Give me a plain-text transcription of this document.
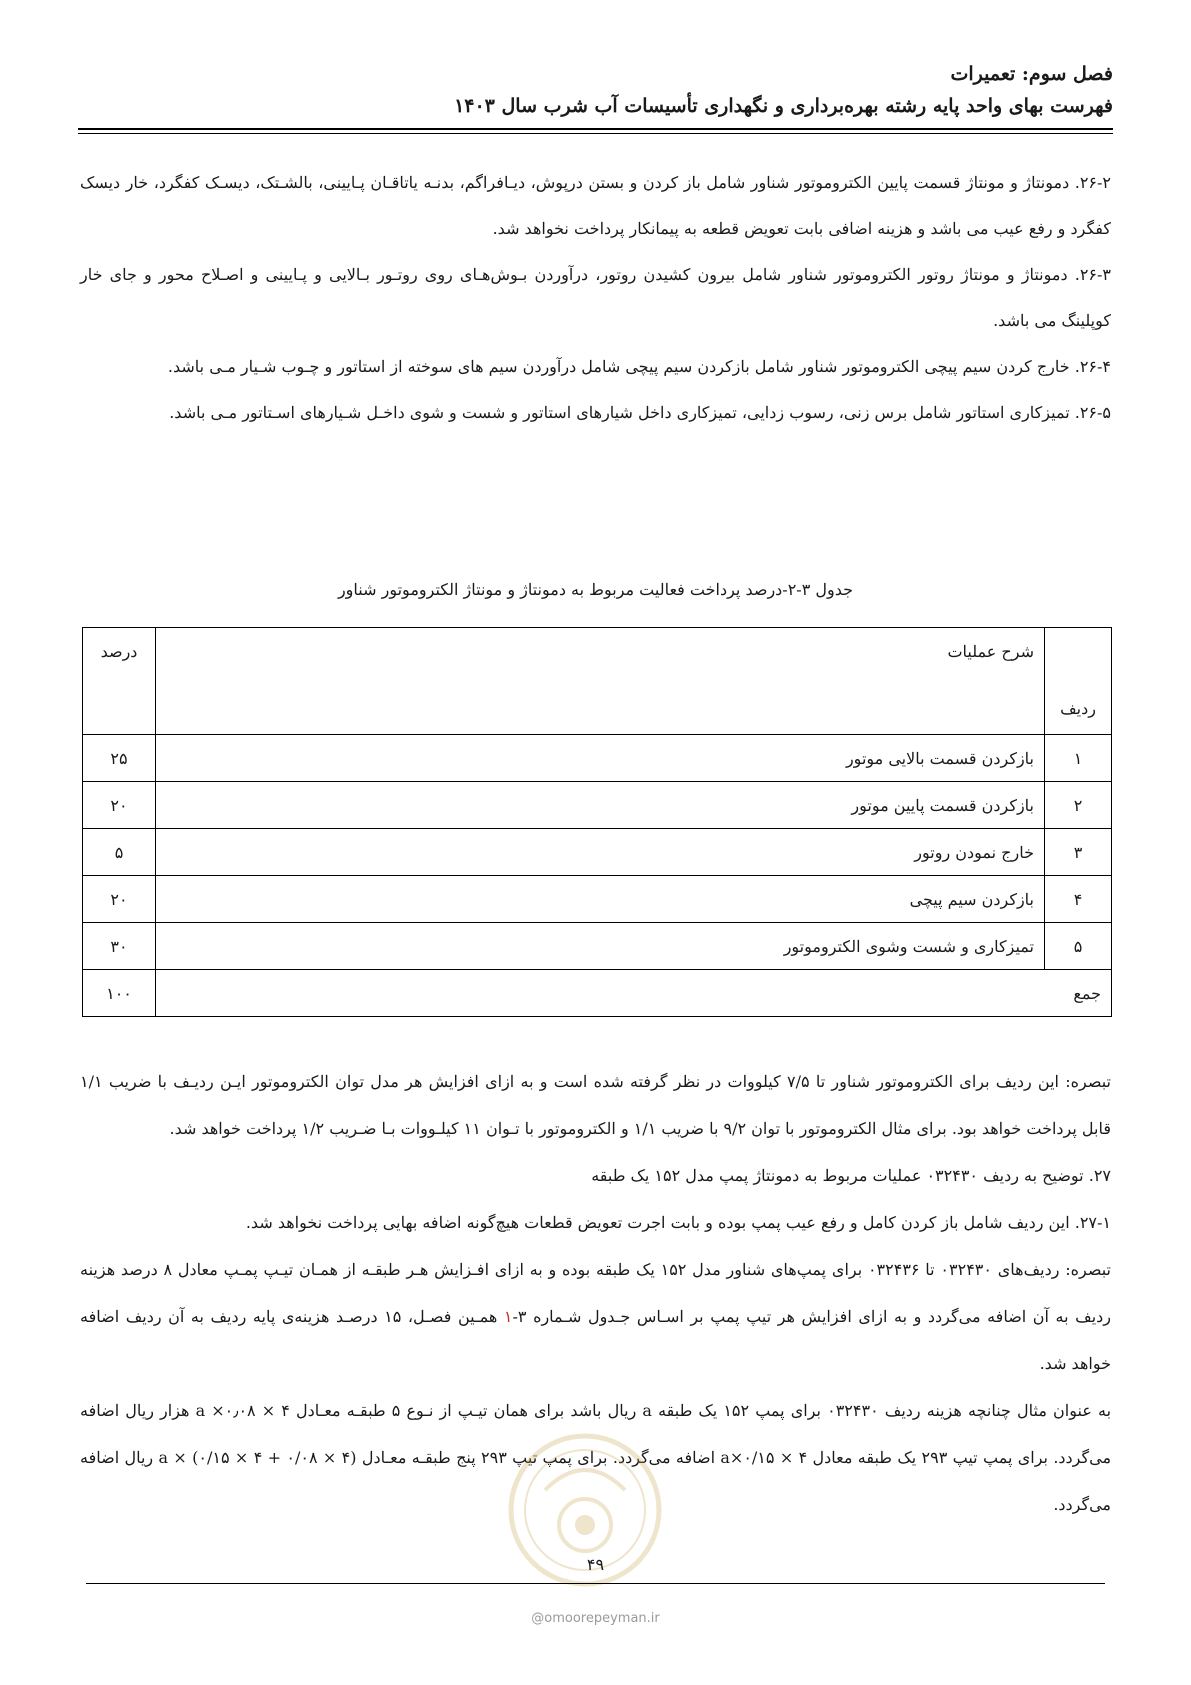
فصل سوم: تعمیرات
فهرست بهای واحد پایه رشته بهره‌برداری و نگهداری تأسیسات آب شرب سال ۱۴۰۳

۲۶-۲. دمونتاژ و مونتاژ قسمت پایین الکتروموتور شناور شامل باز کردن و بستن درپوش، دیـافراگم، بدنـه یاتاقـان پـایینی، بالشـتک، دیسـک کفگرد، خار دیسک کفگرد و رفع عیب می باشد و هزینه اضافی بابت تعویض قطعه به پیمانکار پرداخت نخواهد شد.

۲۶-۳. دمونتاژ و مونتاژ روتور الکتروموتور شناور شامل بیرون کشیدن روتور، درآوردن بـوش‌هـای روی روتـور بـالایی و پـایینی و اصـلاح محور و جای خار کوپلینگ می باشد.

۲۶-۴. خارج کردن سیم پیچی الکتروموتور شناور شامل بازکردن سیم پیچی شامل درآوردن سیم های سوخته از استاتور و چـوب شـیار مـی باشد.

۲۶-۵. تمیزکاری استاتور شامل برس زنی، رسوب زدایی، تمیزکاری داخل شیارهای استاتور و شست و شوی داخـل شـیارهای اسـتاتور مـی باشد.

جدول ۳-۲-درصد پرداخت فعالیت مربوط به دمونتاژ و مونتاژ الکتروموتور شناور
ردیف	شرح عملیات	درصد
۱	بازکردن قسمت بالایی موتور	۲۵
۲	بازکردن قسمت پایین موتور	۲۰
۳	خارج نمودن روتور	۵
۴	بازکردن سیم پیچی	۲۰
۵	تمیزکاری و شست وشوی الکتروموتور	۳۰
جمع		۱۰۰

تبصره: این ردیف برای الکتروموتور شناور تا ۷/۵ کیلووات در نظر گرفته شده است و به ازای افزایش هر مدل توان الکتروموتور ایـن ردیـف با ضریب ۱/۱ قابل پرداخت خواهد بود. برای مثال الکتروموتور با توان ۹/۲ با ضریب ۱/۱ و الکتروموتور با تـوان ۱۱ کیلـووات بـا ضـریب ۱/۲ پرداخت خواهد شد.

۲۷. توضیح به ردیف ۰۳۲۴۳۰ عملیات مربوط به دمونتاژ پمپ مدل ۱۵۲ یک طبقه

۲۷-۱. این ردیف شامل باز کردن کامل و رفع عیب پمپ بوده و بابت اجرت تعویض قطعات هیچ‌گونه اضافه بهایی پرداخت نخواهد شد.

تبصره: ردیف‌های ۰۳۲۴۳۰ تا ۰۳۲۴۳۶ برای پمپ‌های شناور مدل ۱۵۲ یک طبقه بوده و به ازای افـزایش هـر طبقـه از همـان تیـپ پمـپ معادل ۸ درصد هزینه ردیف به آن اضافه می‌گردد و به ازای افزایش هر تیپ پمپ بر اسـاس جـدول شـماره ۳-۱ همـین فصـل، ۱۵ درصـد هزینه‌ی پایه ردیف به آن ردیف اضافه خواهد شد.

به عنوان مثال چنانچه هزینه ردیف ۰۳۲۴۳۰ برای پمپ ۱۵۲ یک طبقه a ریال باشد برای همان تیـپ از نـوع ۵ طبقـه معـادل ۴ × ۰٫۰۸× a هزار ریال اضافه می‌گردد. برای پمپ تیپ ۲۹۳ یک طبقه معادل ۴ × a×۰/۱۵ اضافه می‌گردد. برای پمپ تیپ ۲۹۳ پنج طبقـه معـادل (۴ × ۰/۰۸ + ۴ × ۰/۱۵) × a ریال اضافه می‌گردد.

۴۹
@omoorepeyman.ir
